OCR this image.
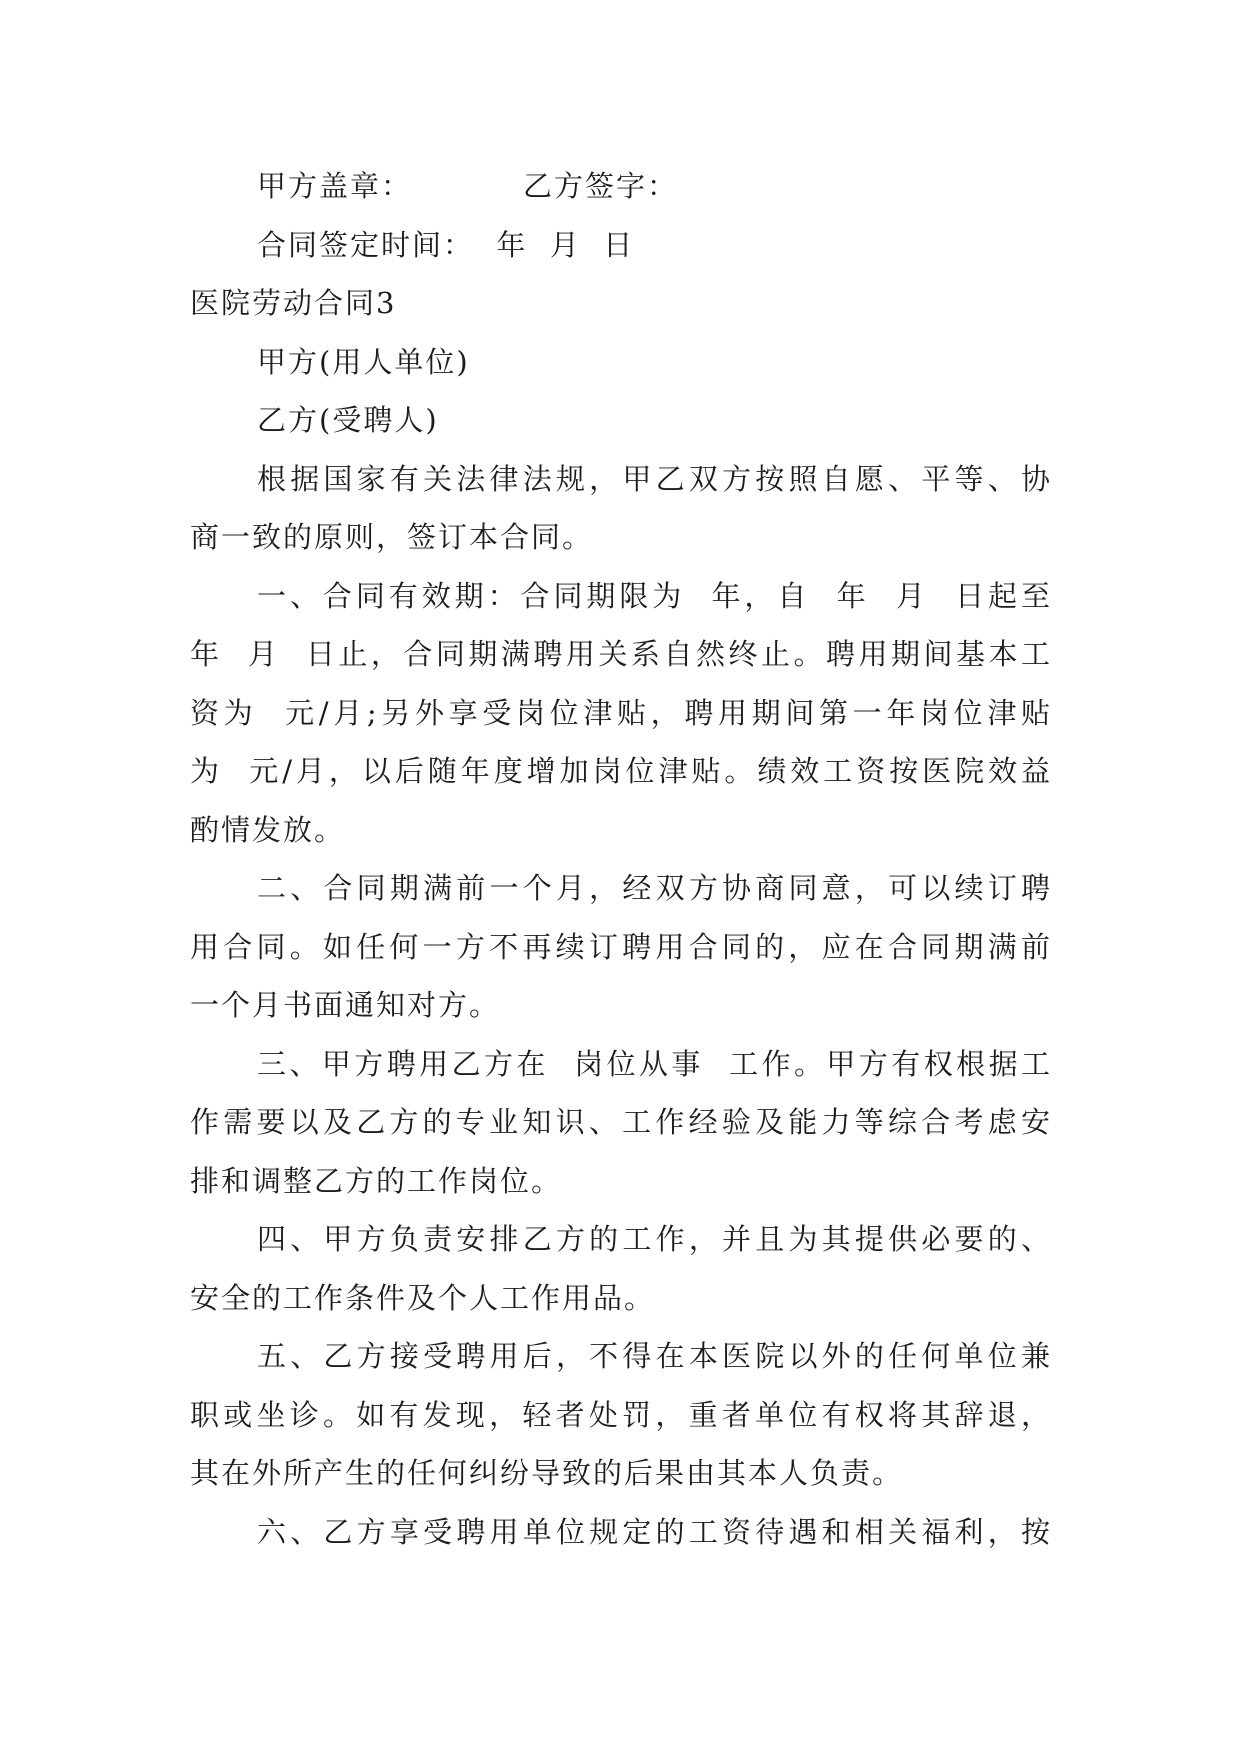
甲方盖章：	乙方签字：
合同签定时间：  年  月  日
医院劳动合同3
甲方(用人单位)
乙方(受聘人)
根据国家有关法律法规，甲乙双方按照自愿、平等、协
商一致的原则，签订本合同。
一、合同有效期：合同期限为  年，自  年  月  日起至
年  月  日止，合同期满聘用关系自然终止。聘用期间基本工
资为  元/月;另外享受岗位津贴，聘用期间第一年岗位津贴
为  元/月，以后随年度增加岗位津贴。绩效工资按医院效益
酌情发放。
二、合同期满前一个月，经双方协商同意，可以续订聘
用合同。如任何一方不再续订聘用合同的，应在合同期满前
一个月书面通知对方。
三、甲方聘用乙方在  岗位从事  工作。甲方有权根据工
作需要以及乙方的专业知识、工作经验及能力等综合考虑安
排和调整乙方的工作岗位。
四、甲方负责安排乙方的工作，并且为其提供必要的、
安全的工作条件及个人工作用品。
五、乙方接受聘用后，不得在本医院以外的任何单位兼
职或坐诊。如有发现，轻者处罚，重者单位有权将其辞退，
其在外所产生的任何纠纷导致的后果由其本人负责。
六、乙方享受聘用单位规定的工资待遇和相关福利，按
